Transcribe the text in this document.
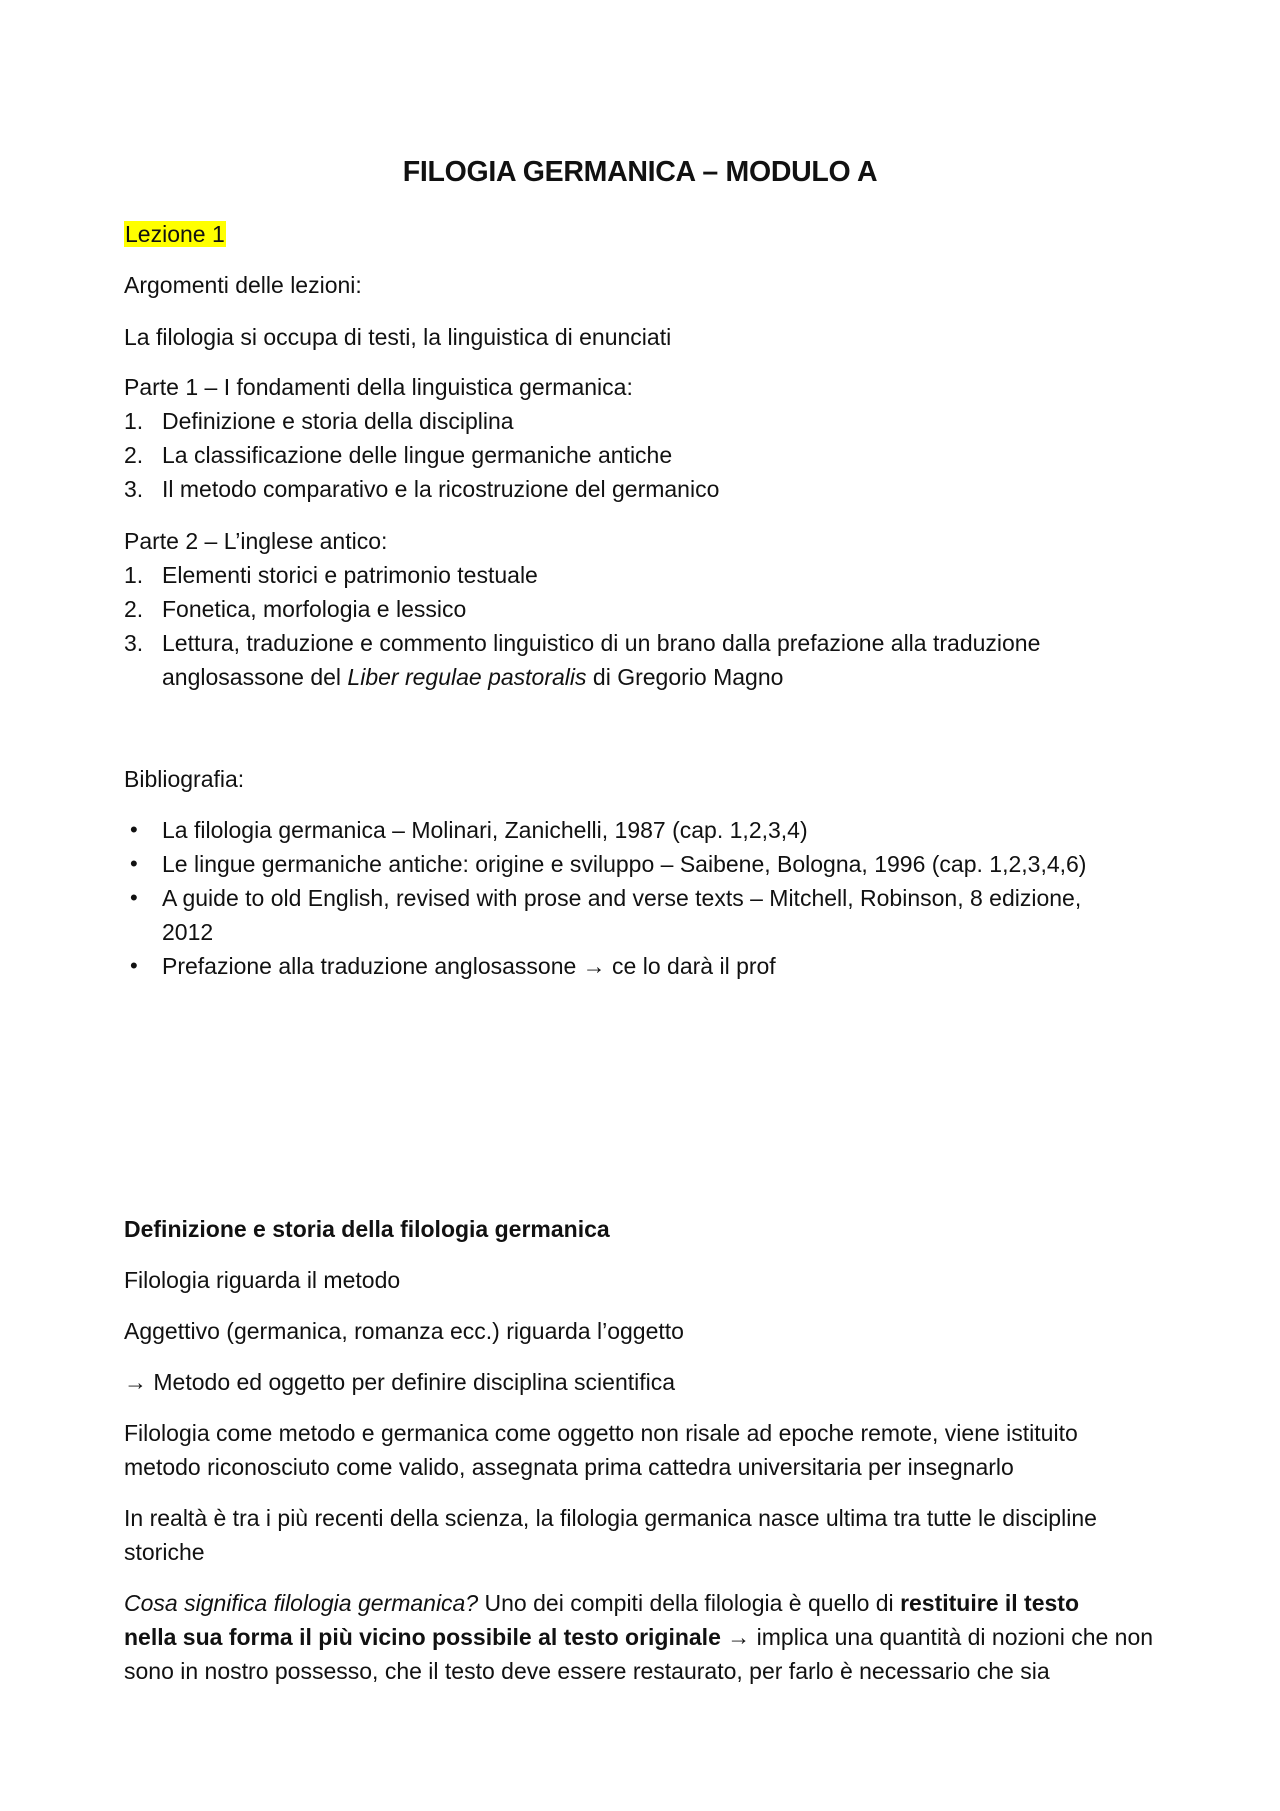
FILOGIA GERMANICA – MODULO A
Lezione 1
Argomenti delle lezioni:
La filologia si occupa di testi, la linguistica di enunciati
Parte 1 – I fondamenti della linguistica germanica:
1. Definizione e storia della disciplina
2. La classificazione delle lingue germaniche antiche
3. Il metodo comparativo e la ricostruzione del germanico
Parte 2 – L’inglese antico:
1. Elementi storici e patrimonio testuale
2. Fonetica, morfologia e lessico
3. Lettura, traduzione e commento linguistico di un brano dalla prefazione alla traduzione
anglosassone del Liber regulae pastoralis di Gregorio Magno
Bibliografia:
• La filologia germanica – Molinari, Zanichelli, 1987 (cap. 1,2,3,4)
• Le lingue germaniche antiche: origine e sviluppo – Saibene, Bologna, 1996 (cap. 1,2,3,4,6)
• A guide to old English, revised with prose and verse texts – Mitchell, Robinson, 8 edizione,
2012
• Prefazione alla traduzione anglosassone → ce lo darà il prof
Definizione e storia della filologia germanica
Filologia riguarda il metodo
Aggettivo (germanica, romanza ecc.) riguarda l’oggetto
→ Metodo ed oggetto per definire disciplina scientifica
Filologia come metodo e germanica come oggetto non risale ad epoche remote, viene istituito
metodo riconosciuto come valido, assegnata prima cattedra universitaria per insegnarlo
In realtà è tra i più recenti della scienza, la filologia germanica nasce ultima tra tutte le discipline
storiche
Cosa significa filologia germanica? Uno dei compiti della filologia è quello di restituire il testo
nella sua forma il più vicino possibile al testo originale → implica una quantità di nozioni che non
sono in nostro possesso, che il testo deve essere restaurato, per farlo è necessario che sia
